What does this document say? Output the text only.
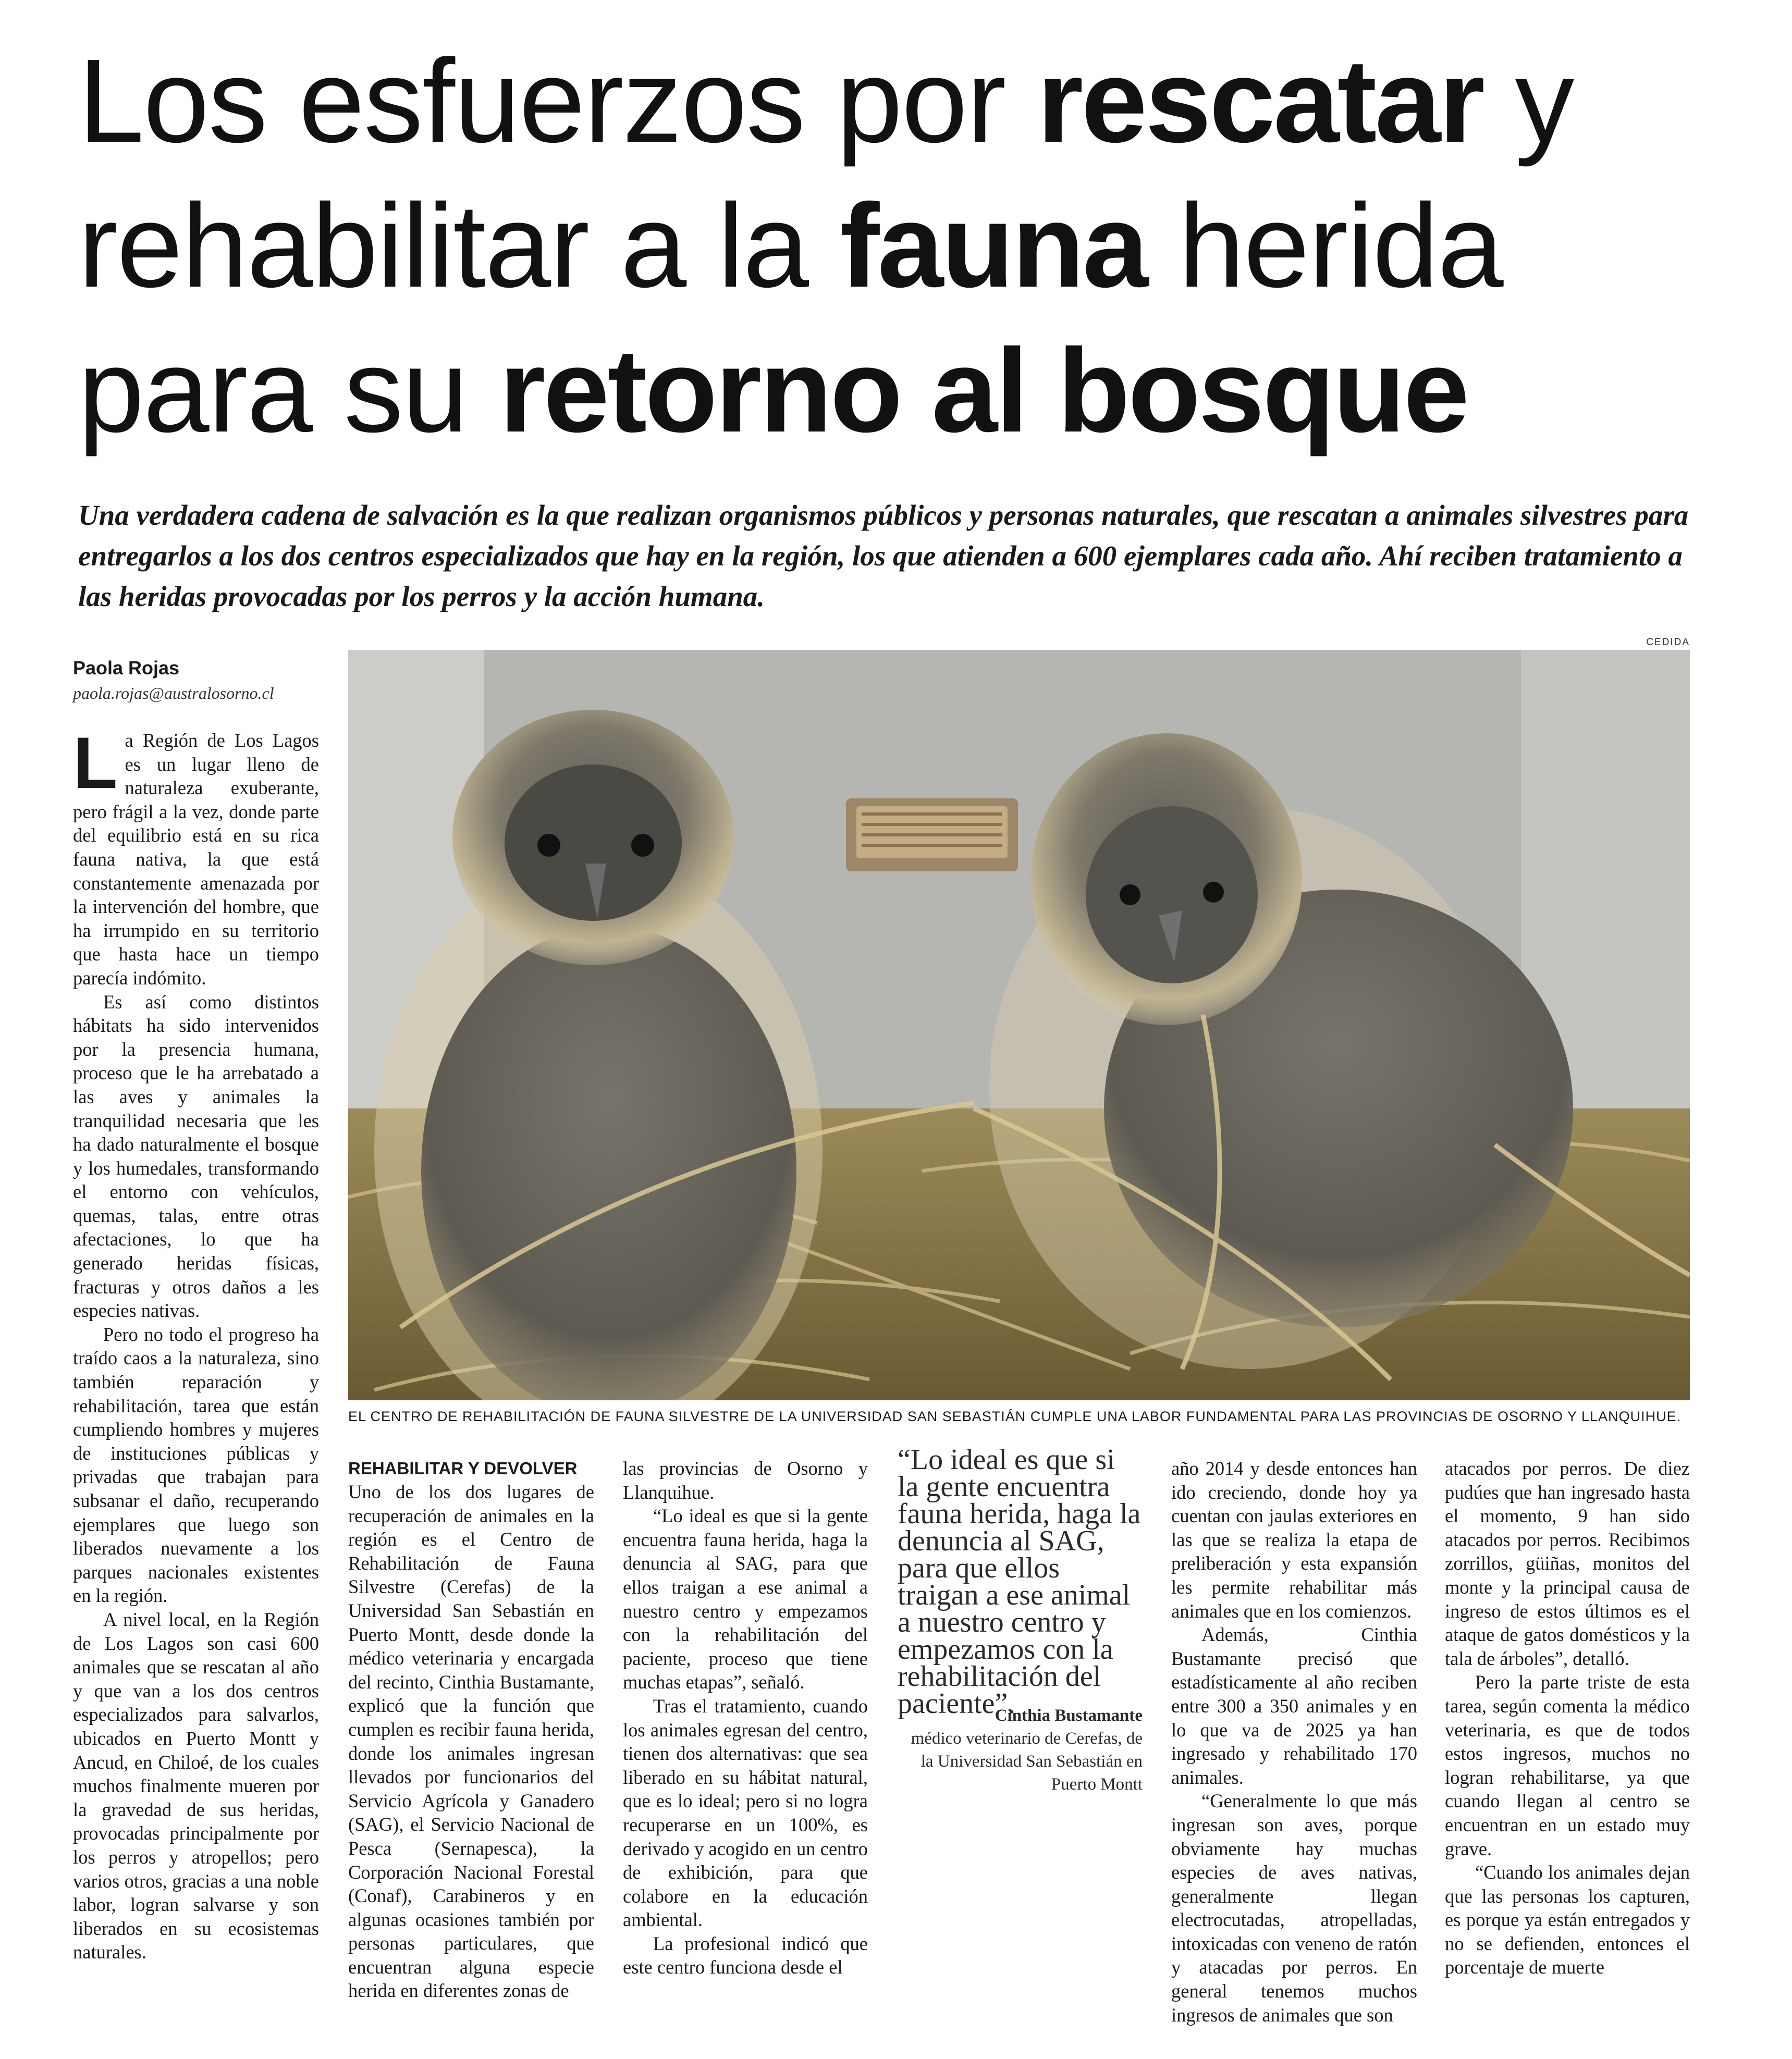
Los esfuerzos por rescatar y
rehabilitar a la fauna herida
para su retorno al bosque
Una verdadera cadena de salvación es la que realizan organismos públicos y personas naturales, que rescatan a animales silvestres para entregarlos a los dos centros especializados que hay en la región, los que atienden a 600 ejemplares cada año. Ahí reciben tratamiento a las heridas provocadas por los perros y la acción humana.
Paola Rojas
paola.rojas@australosorno.cl
CEDIDA
EL CENTRO DE REHABILITACIÓN DE FAUNA SILVESTRE DE LA UNIVERSIDAD SAN SEBASTIÁN CUMPLE UNA LABOR FUNDAMENTAL PARA LAS PROVINCIAS DE OSORNO Y LLANQUIHUE.

La Región de Los Lagos es un lugar lleno de naturaleza exuberante, pero frágil a la vez, donde parte del equilibrio está en su rica fauna nativa, la que está constantemente amenazada por la intervención del hombre, que ha irrumpido en su territorio que hasta hace un tiempo parecía indómito.

Es así como distintos hábitats ha sido intervenidos por la presencia humana, proceso que le ha arrebatado a las aves y animales la tranquilidad necesaria que les ha dado naturalmente el bosque y los humedales, transformando el entorno con vehículos, quemas, talas, entre otras afectaciones, lo que ha generado heridas físicas, fracturas y otros daños a les especies nativas.

Pero no todo el progreso ha traído caos a la naturaleza, sino también reparación y rehabilitación, tarea que están cumpliendo hombres y mujeres de instituciones públicas y privadas que trabajan para subsanar el daño, recuperando ejemplares que luego son liberados nuevamente a los parques nacionales existentes en la región.

A nivel local, en la Región de Los Lagos son casi 600 animales que se rescatan al año y que van a los dos centros especializados para salvarlos, ubicados en Puerto Montt y Ancud, en Chiloé, de los cuales muchos finalmente mueren por la gravedad de sus heridas, provocadas principalmente por los perros y atropellos; pero varios otros, gracias a una noble labor, logran salvarse y son liberados en su ecosistemas naturales.

REHABILITAR Y DEVOLVER

Uno de los dos lugares de recuperación de animales en la región es el Centro de Rehabilitación de Fauna Silvestre (Cerefas) de la Universidad San Sebastián en Puerto Montt, desde donde la médico veterinaria y encargada del recinto, Cinthia Bustamante, explicó que la función que cumplen es recibir fauna herida, donde los animales ingresan llevados por funcionarios del Servicio Agrícola y Ganadero (SAG), el Servicio Nacional de Pesca (Sernapesca), la Corporación Nacional Forestal (Conaf), Carabineros y en algunas ocasiones también por personas particulares, que encuentran alguna especie herida en diferentes zonas de

las provincias de Osorno y Llanquihue.

“Lo ideal es que si la gente encuentra fauna herida, haga la denuncia al SAG, para que ellos traigan a ese animal a nuestro centro y empezamos con la rehabilitación del paciente, proceso que tiene muchas etapas”, señaló.

Tras el tratamiento, cuando los animales egresan del centro, tienen dos alternativas: que sea liberado en su hábitat natural, que es lo ideal; pero si no logra recuperarse en un 100%, es derivado y acogido en un centro de exhibición, para que colabore en la educación ambiental.

La profesional indicó que este centro funciona desde el

“Lo ideal es que si la gente encuentra fauna herida, haga la denuncia al SAG, para que ellos traigan a ese animal a nuestro centro y empezamos con la rehabilitación del paciente”.
Cinthia Bustamante
médico veterinario de Cerefas, de la Universidad San Sebastián en Puerto Montt

año 2014 y desde entonces han ido creciendo, donde hoy ya cuentan con jaulas exteriores en las que se realiza la etapa de preliberación y esta expansión les permite rehabilitar más animales que en los comienzos.

Además, Cinthia Bustamante precisó que estadísticamente al año reciben entre 300 a 350 animales y en lo que va de 2025 ya han ingresado y rehabilitado 170 animales.

“Generalmente lo que más ingresan son aves, porque obviamente hay muchas especies de aves nativas, generalmente llegan electrocutadas, atropelladas, intoxicadas con veneno de ratón y atacadas por perros. En general tenemos muchos ingresos de animales que son

atacados por perros. De diez pudúes que han ingresado hasta el momento, 9 han sido atacados por perros. Recibimos zorrillos, güiñas, monitos del monte y la principal causa de ingreso de estos últimos es el ataque de gatos domésticos y la tala de árboles”, detalló.

Pero la parte triste de esta tarea, según comenta la médico veterinaria, es que de todos estos ingresos, muchos no logran rehabilitarse, ya que cuando llegan al centro se encuentran en un estado muy grave.

“Cuando los animales dejan que las personas los capturen, es porque ya están entregados y no se defienden, entonces el porcentaje de muerte
